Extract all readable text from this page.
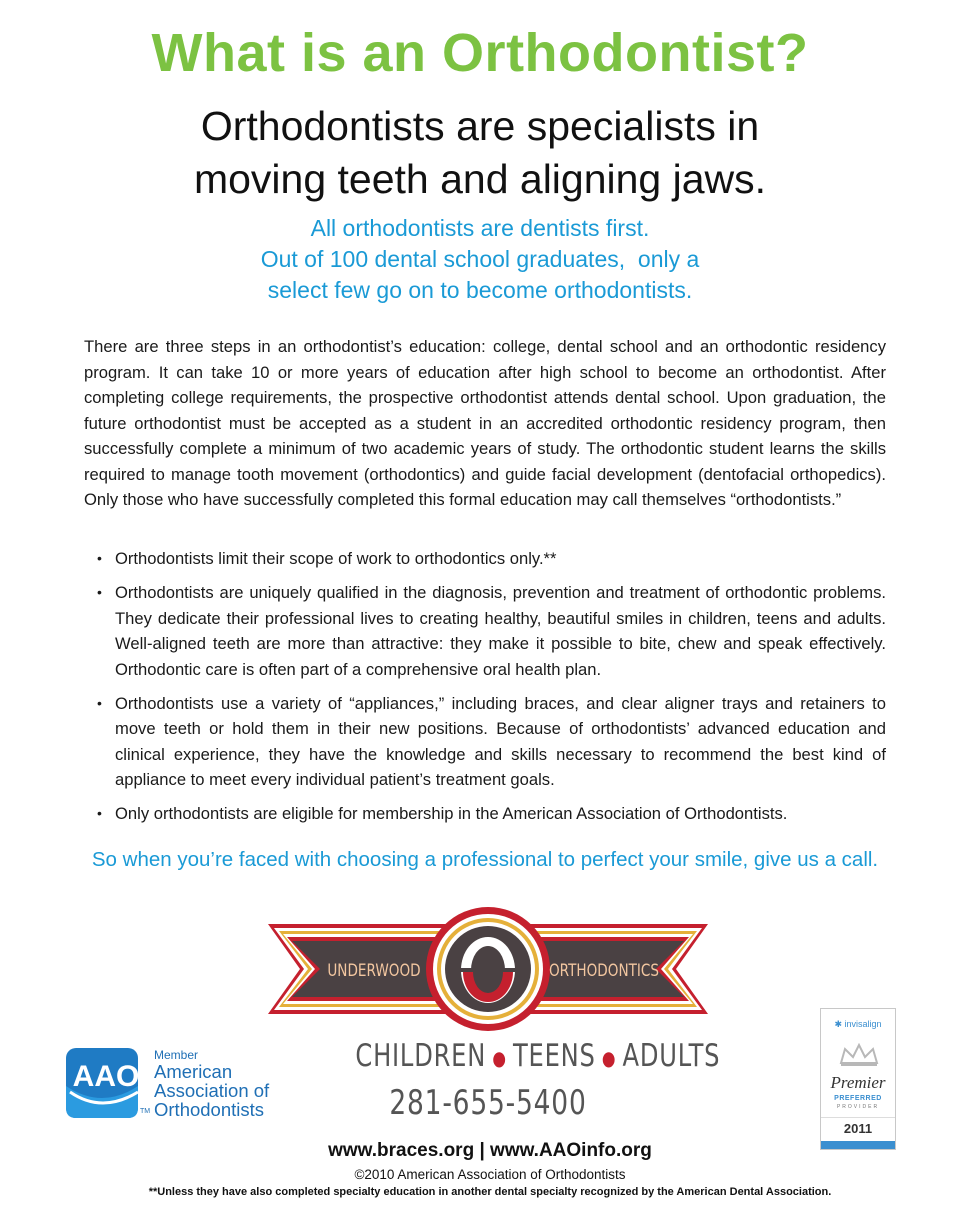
What is an Orthodontist?
Orthodontists are specialists in
moving teeth and aligning jaws.
All orthodontists are dentists first.
Out of 100 dental school graduates,  only a
select few go on to become orthodontists.
There are three steps in an orthodontist’s education: college, dental school and an orthodontic residency program. It can take 10 or more years of education after high school to become an orthodontist. After completing college requirements, the prospective orthodontist attends dental school. Upon graduation, the future orthodontist must be accepted as a student in an accredited orthodontic residency program, then successfully complete a minimum of two academic years of study. The orthodontic student learns the skills required to manage tooth movement (orthodontics) and guide facial development (dentofacial orthopedics). Only those who have successfully completed this formal education may call themselves “orthodontists.”
• Orthodontists limit their scope of work to orthodontics only.**
• Orthodontists are uniquely qualified in the diagnosis, prevention and treatment of orthodontic problems. They dedicate their professional lives to creating healthy, beautiful smiles in children, teens and adults. Well-aligned teeth are more than attractive: they make it possible to bite, chew and speak effectively. Orthodontic care is often part of a comprehensive oral health plan.
• Orthodontists use a variety of “appliances,” including braces, and clear aligner trays and retainers to move teeth or hold them in their new positions. Because of orthodontists’ advanced education and clinical experience, they have the knowledge and skills necessary to recommend the best kind of appliance to meet every individual patient’s treatment goals.
• Only orthodontists are eligible for membership in the American Association of Orthodontists.
So when you’re faced with choosing a professional to perfect your smile, give us a call.
UNDERWOOD	ORTHODONTICS
CHILDREN ● TEENS ● ADULTS
281-655-5400
AAO
TM
Member
American
Association of
Orthodontists
✱ invisalign
Premier
PREFERRED
PROVIDER
2011
www.braces.org | www.AAOinfo.org
©2010 American Association of Orthodontists
**Unless they have also completed specialty education in another dental specialty recognized by the American Dental Association.
